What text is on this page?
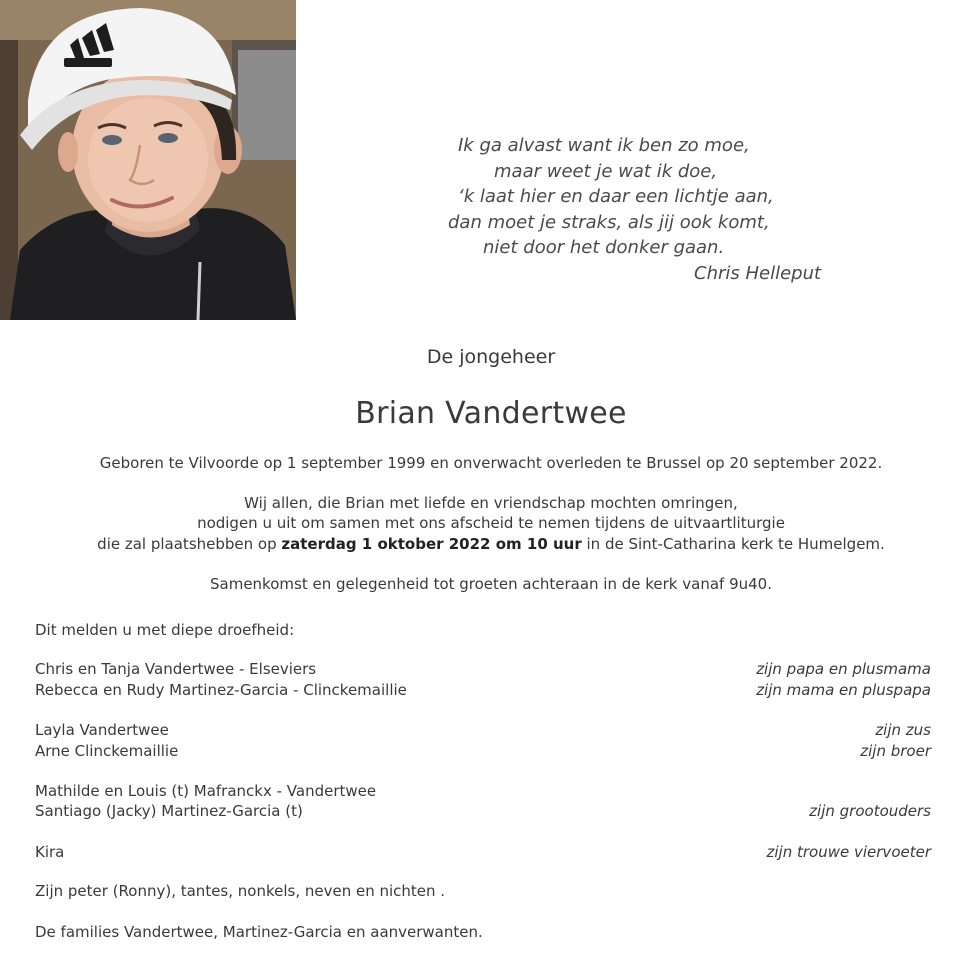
Ik ga alvast want ik ben zo moe,
maar weet je wat ik doe,
‘k laat hier en daar een lichtje aan,
dan moet je straks, als jij ook komt,
niet door het donker gaan.
Chris Helleput
De jongeheer
Brian Vandertwee
Geboren te Vilvoorde op 1 september 1999 en onverwacht overleden te Brussel op 20 september 2022.
Wij allen, die Brian met liefde en vriendschap mochten omringen,
nodigen u uit om samen met ons afscheid te nemen tijdens de uitvaartliturgie
die zal plaatshebben op zaterdag 1 oktober 2022 om 10 uur in de Sint-Catharina kerk te Humelgem.
Samenkomst en gelegenheid tot groeten achteraan in de kerk vanaf 9u40.
Dit melden u met diepe droefheid:
Chris en Tanja Vandertwee - Elseviers	zijn papa en plusmama
Rebecca en Rudy Martinez-Garcia - Clinckemaillie	zijn mama en pluspapa
Layla Vandertwee	zijn zus
Arne Clinckemaillie	zijn broer
Mathilde en Louis (t) Mafranckx - Vandertwee
Santiago (Jacky) Martinez-Garcia (t)	zijn grootouders
Kira	zijn trouwe viervoeter
Zijn peter (Ronny), tantes, nonkels, neven en nichten .
De families Vandertwee, Martinez-Garcia en aanverwanten.
